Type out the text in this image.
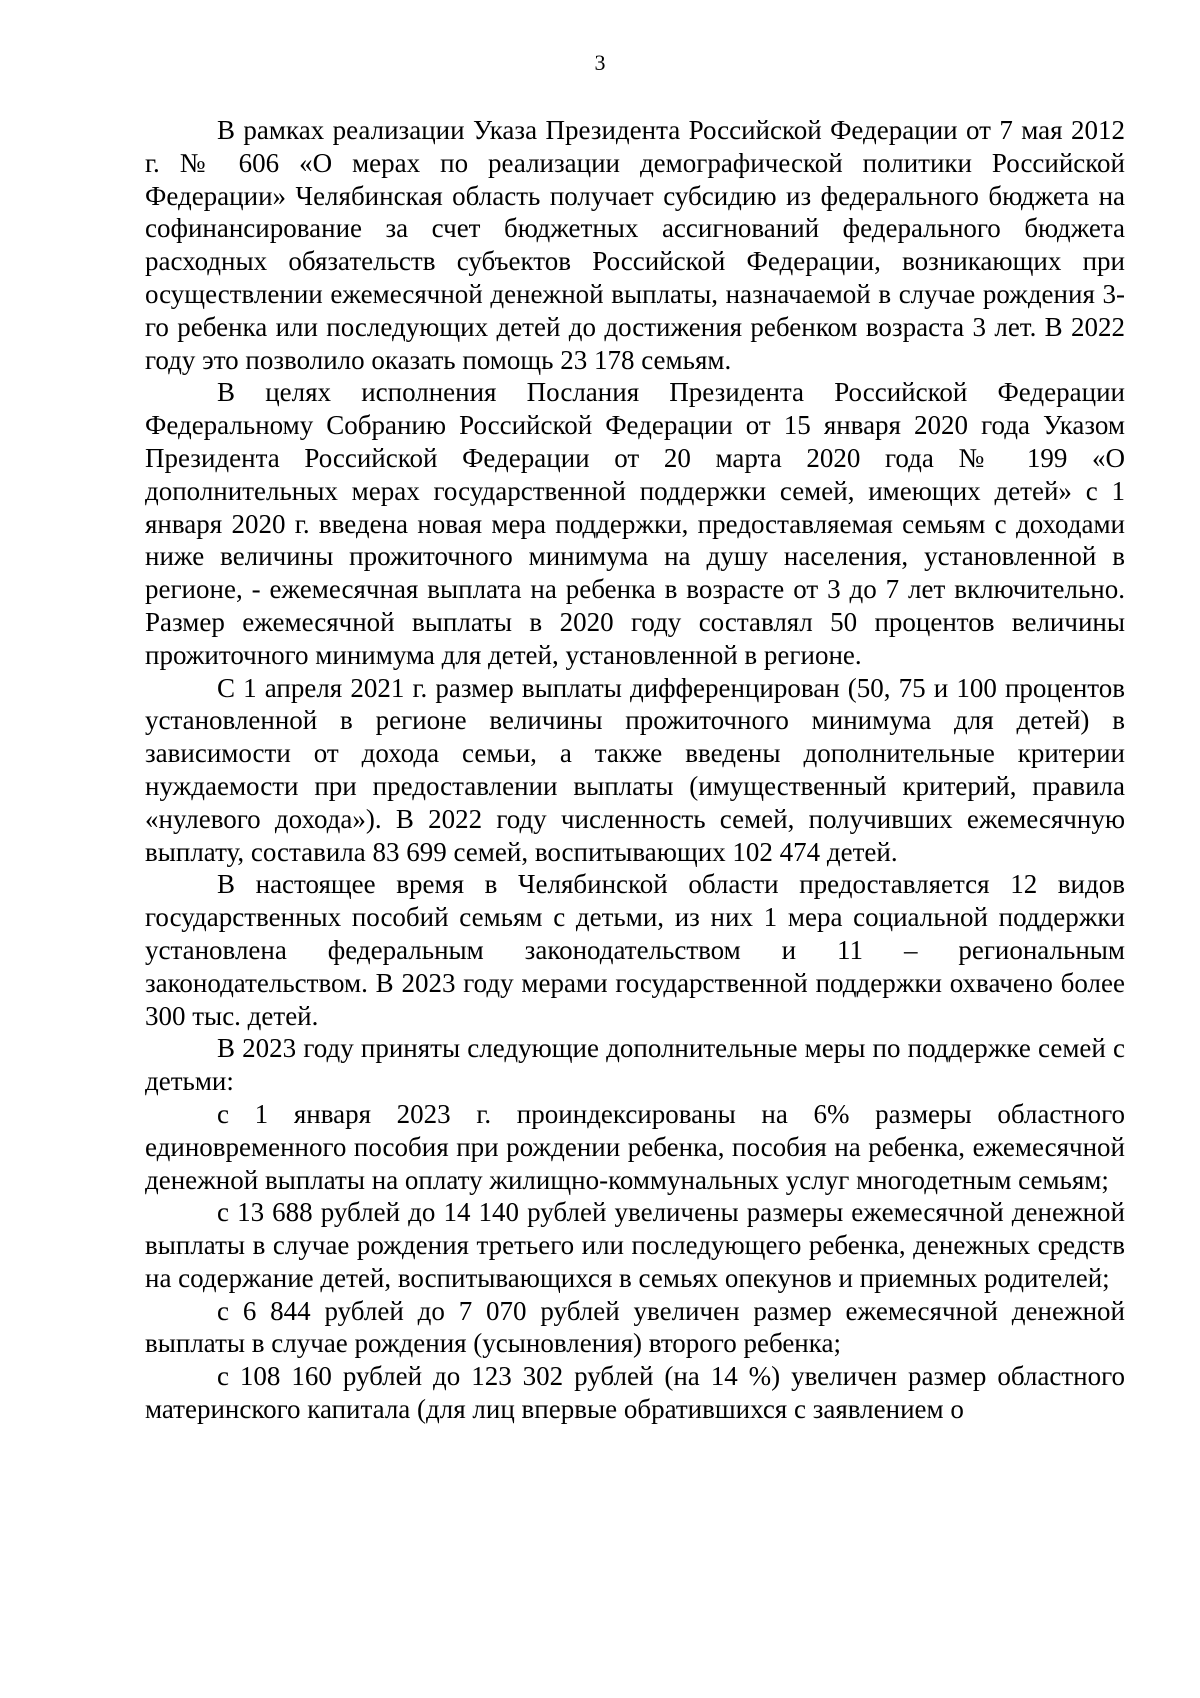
3

В рамках реализации Указа Президента Российской Федерации от 7 мая 2012 г. № 606 «О мерах по реализации демографической политики Российской Федерации» Челябинская область получает субсидию из федерального бюджета на софинансирование за счет бюджетных ассигнований федерального бюджета расходных обязательств субъектов Российской Федерации, возникающих при осуществлении ежемесячной денежной выплаты, назначаемой в случае рождения 3-го ребенка или последующих детей до достижения ребенком возраста 3 лет. В 2022 году это позволило оказать помощь 23 178 семьям.

В целях исполнения Послания Президента Российской Федерации Федеральному Собранию Российской Федерации от 15 января 2020 года Указом Президента Российской Федерации от 20 марта 2020 года № 199 «О дополнительных мерах государственной поддержки семей, имеющих детей» с 1 января 2020 г. введена новая мера поддержки, предоставляемая семьям с доходами ниже величины прожиточного минимума на душу населения, установленной в регионе, - ежемесячная выплата на ребенка в возрасте от 3 до 7 лет включительно. Размер ежемесячной выплаты в 2020 году составлял 50 процентов величины прожиточного минимума для детей, установленной в регионе.

С 1 апреля 2021 г. размер выплаты дифференцирован (50, 75 и 100 процентов установленной в регионе величины прожиточного минимума для детей) в зависимости от дохода семьи, а также введены дополнительные критерии нуждаемости при предоставлении выплаты (имущественный критерий, правила «нулевого дохода»). В 2022 году численность семей, получивших ежемесячную выплату, составила 83 699 семей, воспитывающих 102 474 детей.

В настоящее время в Челябинской области предоставляется 12 видов государственных пособий семьям с детьми, из них 1 мера социальной поддержки установлена федеральным законодательством и 11 – региональным законодательством. В 2023 году мерами государственной поддержки охвачено более 300 тыс. детей.

В 2023 году приняты следующие дополнительные меры по поддержке семей с детьми:

с 1 января 2023 г. проиндексированы на 6% размеры областного единовременного пособия при рождении ребенка, пособия на ребенка, ежемесячной денежной выплаты на оплату жилищно-коммунальных услуг многодетным семьям;

с 13 688 рублей до 14 140 рублей увеличены размеры ежемесячной денежной выплаты в случае рождения третьего или последующего ребенка, денежных средств на содержание детей, воспитывающихся в семьях опекунов и приемных родителей;

с 6 844 рублей до 7 070 рублей увеличен размер ежемесячной денежной выплаты в случае рождения (усыновления) второго ребенка;

с 108 160 рублей до 123 302 рублей (на 14 %) увеличен размер областного материнского капитала (для лиц впервые обратившихся с заявлением о
